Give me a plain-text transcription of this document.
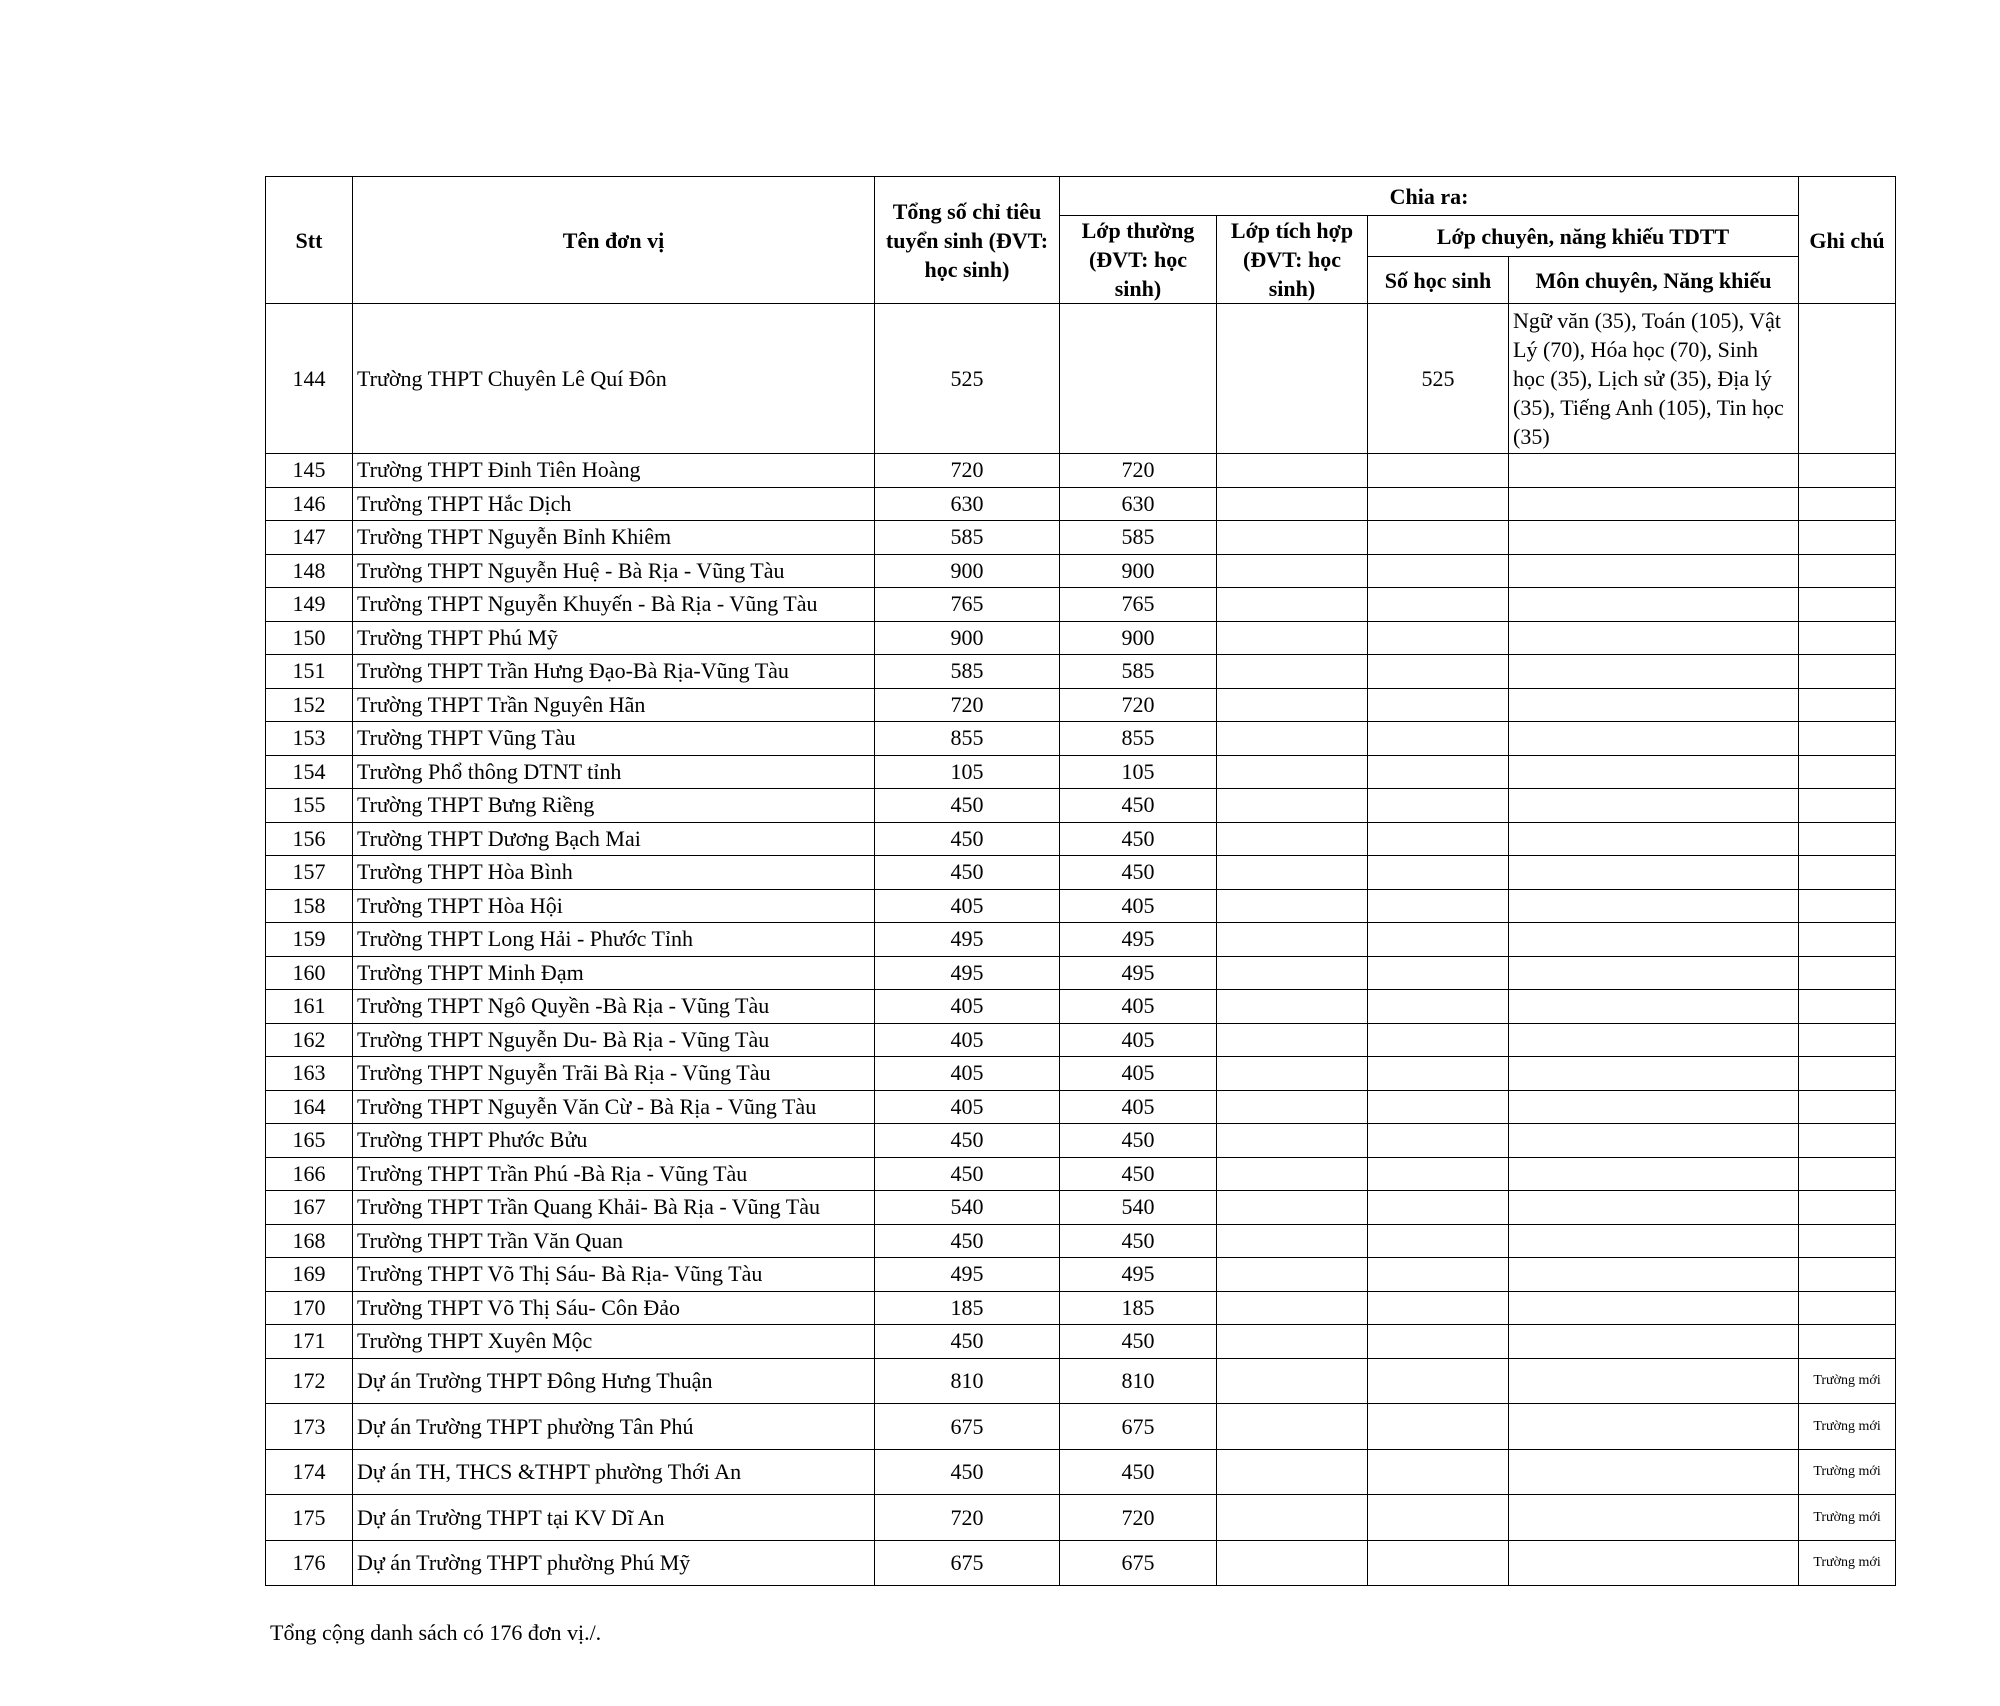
Stt	Tên đơn vị	Tổng số chỉ tiêu tuyển sinh (ĐVT: học sinh)	Chia ra:				Ghi chú
			Lớp thường (ĐVT: học sinh)	Lớp tích hợp (ĐVT: học sinh)	Lớp chuyên, năng khiếu TDTT		
					Số học sinh	Môn chuyên, Năng khiếu	
144	Trường THPT Chuyên Lê Quí Đôn	525			525	Ngữ văn (35), Toán (105), Vật Lý (70), Hóa học (70), Sinh học (35), Lịch sử (35), Địa lý (35), Tiếng Anh (105), Tin học (35)	
145	Trường THPT Đinh Tiên Hoàng	720	720				
146	Trường THPT Hắc Dịch	630	630				
147	Trường THPT Nguyễn Bỉnh Khiêm	585	585				
148	Trường THPT Nguyễn Huệ - Bà Rịa - Vũng Tàu	900	900				
149	Trường THPT Nguyễn Khuyến - Bà Rịa - Vũng Tàu	765	765				
150	Trường THPT Phú Mỹ	900	900				
151	Trường THPT Trần Hưng Đạo-Bà Rịa-Vũng Tàu	585	585				
152	Trường THPT Trần Nguyên Hãn	720	720				
153	Trường THPT Vũng Tàu	855	855				
154	Trường Phổ thông DTNT tỉnh	105	105				
155	Trường THPT Bưng Riềng	450	450				
156	Trường THPT Dương Bạch Mai	450	450				
157	Trường THPT Hòa Bình	450	450				
158	Trường THPT Hòa Hội	405	405				
159	Trường THPT Long Hải - Phước Tỉnh	495	495				
160	Trường THPT Minh Đạm	495	495				
161	Trường THPT Ngô Quyền -Bà Rịa - Vũng Tàu	405	405				
162	Trường THPT Nguyễn Du- Bà Rịa - Vũng Tàu	405	405				
163	Trường THPT Nguyễn Trãi Bà Rịa - Vũng Tàu	405	405				
164	Trường THPT Nguyễn Văn Cừ - Bà Rịa - Vũng Tàu	405	405				
165	Trường THPT Phước Bửu	450	450				
166	Trường THPT Trần Phú -Bà Rịa - Vũng Tàu	450	450				
167	Trường THPT Trần Quang Khải- Bà Rịa - Vũng Tàu	540	540				
168	Trường THPT Trần Văn Quan	450	450				
169	Trường THPT Võ Thị Sáu- Bà Rịa- Vũng Tàu	495	495				
170	Trường THPT Võ Thị Sáu- Côn Đảo	185	185				
171	Trường THPT Xuyên Mộc	450	450				
172	Dự án Trường THPT Đông Hưng Thuận	810	810				Trường mới
173	Dự án Trường THPT phường Tân Phú	675	675				Trường mới
174	Dự án TH, THCS &THPT phường Thới An	450	450				Trường mới
175	Dự án Trường THPT tại KV Dĩ An	720	720				Trường mới
176	Dự án Trường THPT phường Phú Mỹ	675	675				Trường mới
Tổng cộng danh sách có 176 đơn vị./.
